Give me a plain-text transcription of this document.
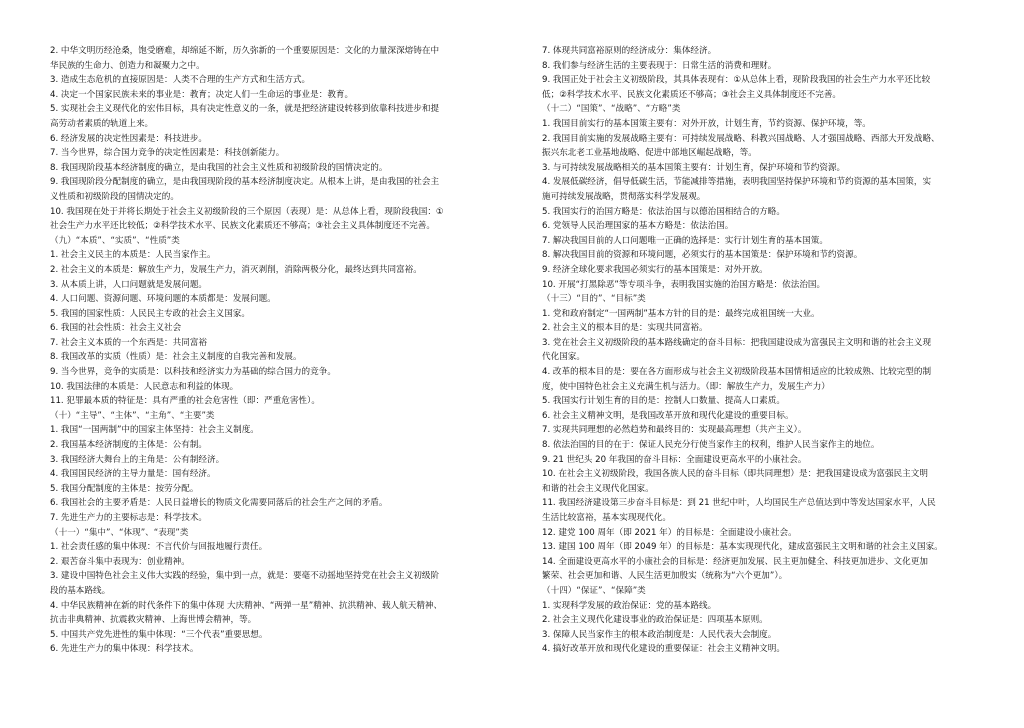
2. 中华文明历经沧桑，饱受磨难，却绵延不断，历久弥新的一个重要原因是：文化的力量深深熔铸在中
华民族的生命力、创造力和凝聚力之中。
3. 造成生态危机的直接原因是：人类不合理的生产方式和生活方式。
4. 决定一个国家民族未来的事业是：教育；决定人们一生命运的事业是：教育。
5. 实现社会主义现代化的宏伟目标，具有决定性意义的一条，就是把经济建设转移到依靠科技进步和提
高劳动者素质的轨道上来。
6. 经济发展的决定性因素是：科技进步。
7. 当今世界，综合国力竞争的决定性因素是：科技创新能力。
8. 我国现阶段基本经济制度的确立，是由我国的社会主义性质和初级阶段的国情决定的。
9. 我国现阶段分配制度的确立，是由我国现阶段的基本经济制度决定。从根本上讲，是由我国的社会主
义性质和初级阶段的国情决定的。
10. 我国现在处于并将长期处于社会主义初级阶段的三个原因（表现）是：从总体上看，现阶段我国：①
社会生产力水平还比较低；②科学技术水平、民族文化素质还不够高；③社会主义具体制度还不完善。
（九）“本质”、“实质”、“性质”类
1. 社会主义民主的本质是：人民当家作主。
2. 社会主义的本质是：解放生产力，发展生产力，消灭剥削，消除两极分化，最终达到共同富裕。
3. 从本质上讲，人口问题就是发展问题。
4. 人口问题、资源问题、环境问题的本质都是：发展问题。
5. 我国的国家性质：人民民主专政的社会主义国家。
6. 我国的社会性质：社会主义社会
7. 社会主义本质的一个东西是：共同富裕
8. 我国改革的实质（性质）是：社会主义制度的自我完善和发展。
9. 当今世界，竞争的实质是：以科技和经济实力为基础的综合国力的竞争。
10. 我国法律的本质是：人民意志和利益的体现。
11. 犯罪最本质的特征是：具有严重的社会危害性（即：严重危害性）。
（十）“主导”、“主体”、“主角”、“主要”类
1. 我国“一国两制”中的国家主体坚持：社会主义制度。
2. 我国基本经济制度的主体是：公有制。
3. 我国经济大舞台上的主角是：公有制经济。
4. 我国国民经济的主导力量是：国有经济。
5. 我国分配制度的主体是：按劳分配。
6. 我国社会的主要矛盾是：人民日益增长的物质文化需要同落后的社会生产之间的矛盾。
7. 先进生产力的主要标志是：科学技术。
（十一）“集中”、“体现”、“表现”类
1. 社会责任感的集中体现：不言代价与回报地履行责任。
2. 艰苦奋斗集中表现为：创业精神。
3. 建设中国特色社会主义伟大实践的经验，集中到一点，就是：要毫不动摇地坚持党在社会主义初级阶
段的基本路线。
4. 中华民族精神在新的时代条件下的集中体现 大庆精神、“两弹一星”精神、抗洪精神、载人航天精神、
抗击非典精神、抗震救灾精神、上海世博会精神，等。
5. 中国共产党先进性的集中体现：“三个代表”重要思想。
6. 先进生产力的集中体现：科学技术。
7. 体现共同富裕原则的经济成分：集体经济。
8. 我们参与经济生活的主要表现于：日常生活的消费和理财。
9. 我国正处于社会主义初级阶段，其具体表现有：①从总体上看，现阶段我国的社会生产力水平还比较
低；②科学技术水平、民族文化素质还不够高；③社会主义具体制度还不完善。
（十二）“国策”、“战略”、“方略”类
1. 我国目前实行的基本国策主要有：对外开放，计划生育，节约资源、保护环境，等。
2. 我国目前实施的发展战略主要有：可持续发展战略、科教兴国战略、人才强国战略、西部大开发战略、
振兴东北老工业基地战略、促进中部地区崛起战略，等。
3. 与可持续发展战略相关的基本国策主要有：计划生育，保护环境和节约资源。
4. 发展低碳经济，倡导低碳生活，节能减排等措施，表明我国坚持保护环境和节约资源的基本国策，实
施可持续发展战略，贯彻落实科学发展观。
5. 我国实行的治国方略是：依法治国与以德治国相结合的方略。
6. 党领导人民治理国家的基本方略是：依法治国。
7. 解决我国目前的人口问题唯一正确的选择是：实行计划生育的基本国策。
8. 解决我国目前的资源和环境问题，必须实行的基本国策是：保护环境和节约资源。
9. 经济全球化要求我国必须实行的基本国策是：对外开放。
10. 开展“打黑除恶”等专项斗争，表明我国实施的治国方略是：依法治国。
（十三）“目的”、“目标”类
1. 党和政府制定“一国两制”基本方针的目的是：最终完成祖国统一大业。
2. 社会主义的根本目的是：实现共同富裕。
3. 党在社会主义初级阶段的基本路线确定的奋斗目标：把我国建设成为富强民主文明和谐的社会主义现
代化国家。
4. 改革的根本目的是：要在各方面形成与社会主义初级阶段基本国情相适应的比较成熟、比较完型的制
度，使中国特色社会主义充满生机与活力。（即：解放生产力，发展生产力）
5. 我国实行计划生育的目的是：控制人口数量、提高人口素质。
6. 社会主义精神文明，是我国改革开放和现代化建设的重要目标。
7. 实现共同理想的必然趋势和最终目的：实现最高理想（共产主义）。
8. 依法治国的目的在于：保证人民充分行使当家作主的权利，维护人民当家作主的地位。
9. 21 世纪头 20 年我国的奋斗目标：全面建设更高水平的小康社会。
10. 在社会主义初级阶段，我国各族人民的奋斗目标（即共同理想）是：把我国建设成为富强民主文明
和谐的社会主义现代化国家。
11. 我国经济建设第三步奋斗目标是：到 21 世纪中叶，人均国民生产总值达到中等发达国家水平，人民
生活比较富裕，基本实现现代化。
12. 建党 100 周年（即 2021 年）的目标是：全面建设小康社会。
13. 建国 100 周年（即 2049 年）的目标是：基本实现现代化，建成富强民主文明和谐的社会主义国家。
14. 全面建设更高水平的小康社会的目标是：经济更加发展、民主更加健全、科技更加进步、文化更加
繁荣、社会更加和谐、人民生活更加殷实（统称为“六个更加”）。
（十四）“保证”、“保障”类
1. 实现科学发展的政治保证：党的基本路线。
2. 社会主义现代化建设事业的政治保证是：四项基本原则。
3. 保障人民当家作主的根本政治制度是：人民代表大会制度。
4. 搞好改革开放和现代化建设的重要保证：社会主义精神文明。
